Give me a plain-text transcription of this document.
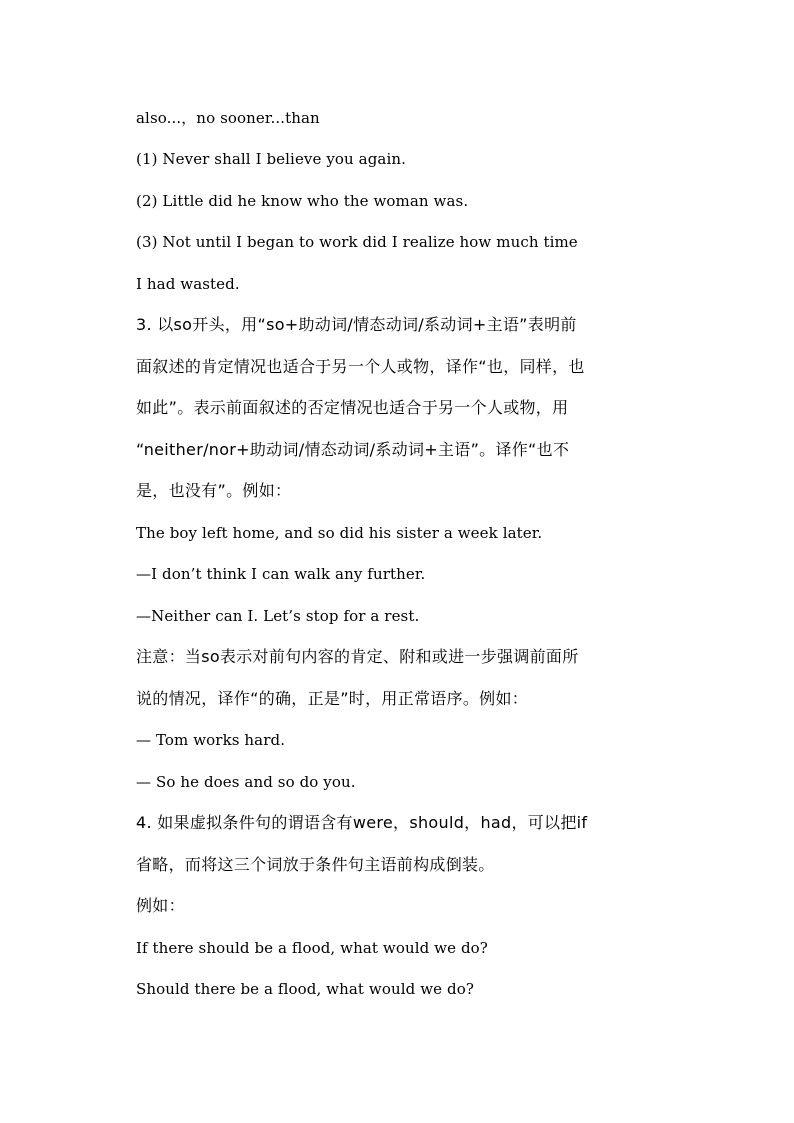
also...，no sooner...than
(1) Never shall I believe you again.
(2) Little did he know who the woman was.
(3) Not until I began to work did I realize how much time
I had wasted.
3. 以so开头，用“so+助动词/情态动词/系动词+主语”表明前
面叙述的肯定情况也适合于另一个人或物，译作“也，同样，也
如此”。表示前面叙述的否定情况也适合于另一个人或物，用
“neither/nor+助动词/情态动词/系动词+主语”。译作“也不
是，也没有”。例如：
The boy left home, and so did his sister a week later.
—I don’t think I can walk any further.
—Neither can I. Let’s stop for a rest.
注意：当so表示对前句内容的肯定、附和或进一步强调前面所
说的情况，译作“的确，正是”时，用正常语序。例如：
— Tom works hard.
— So he does and so do you.
4. 如果虚拟条件句的谓语含有were，should，had，可以把if
省略，而将这三个词放于条件句主语前构成倒装。
例如：
If there should be a flood, what would we do?
Should there be a flood, what would we do?
